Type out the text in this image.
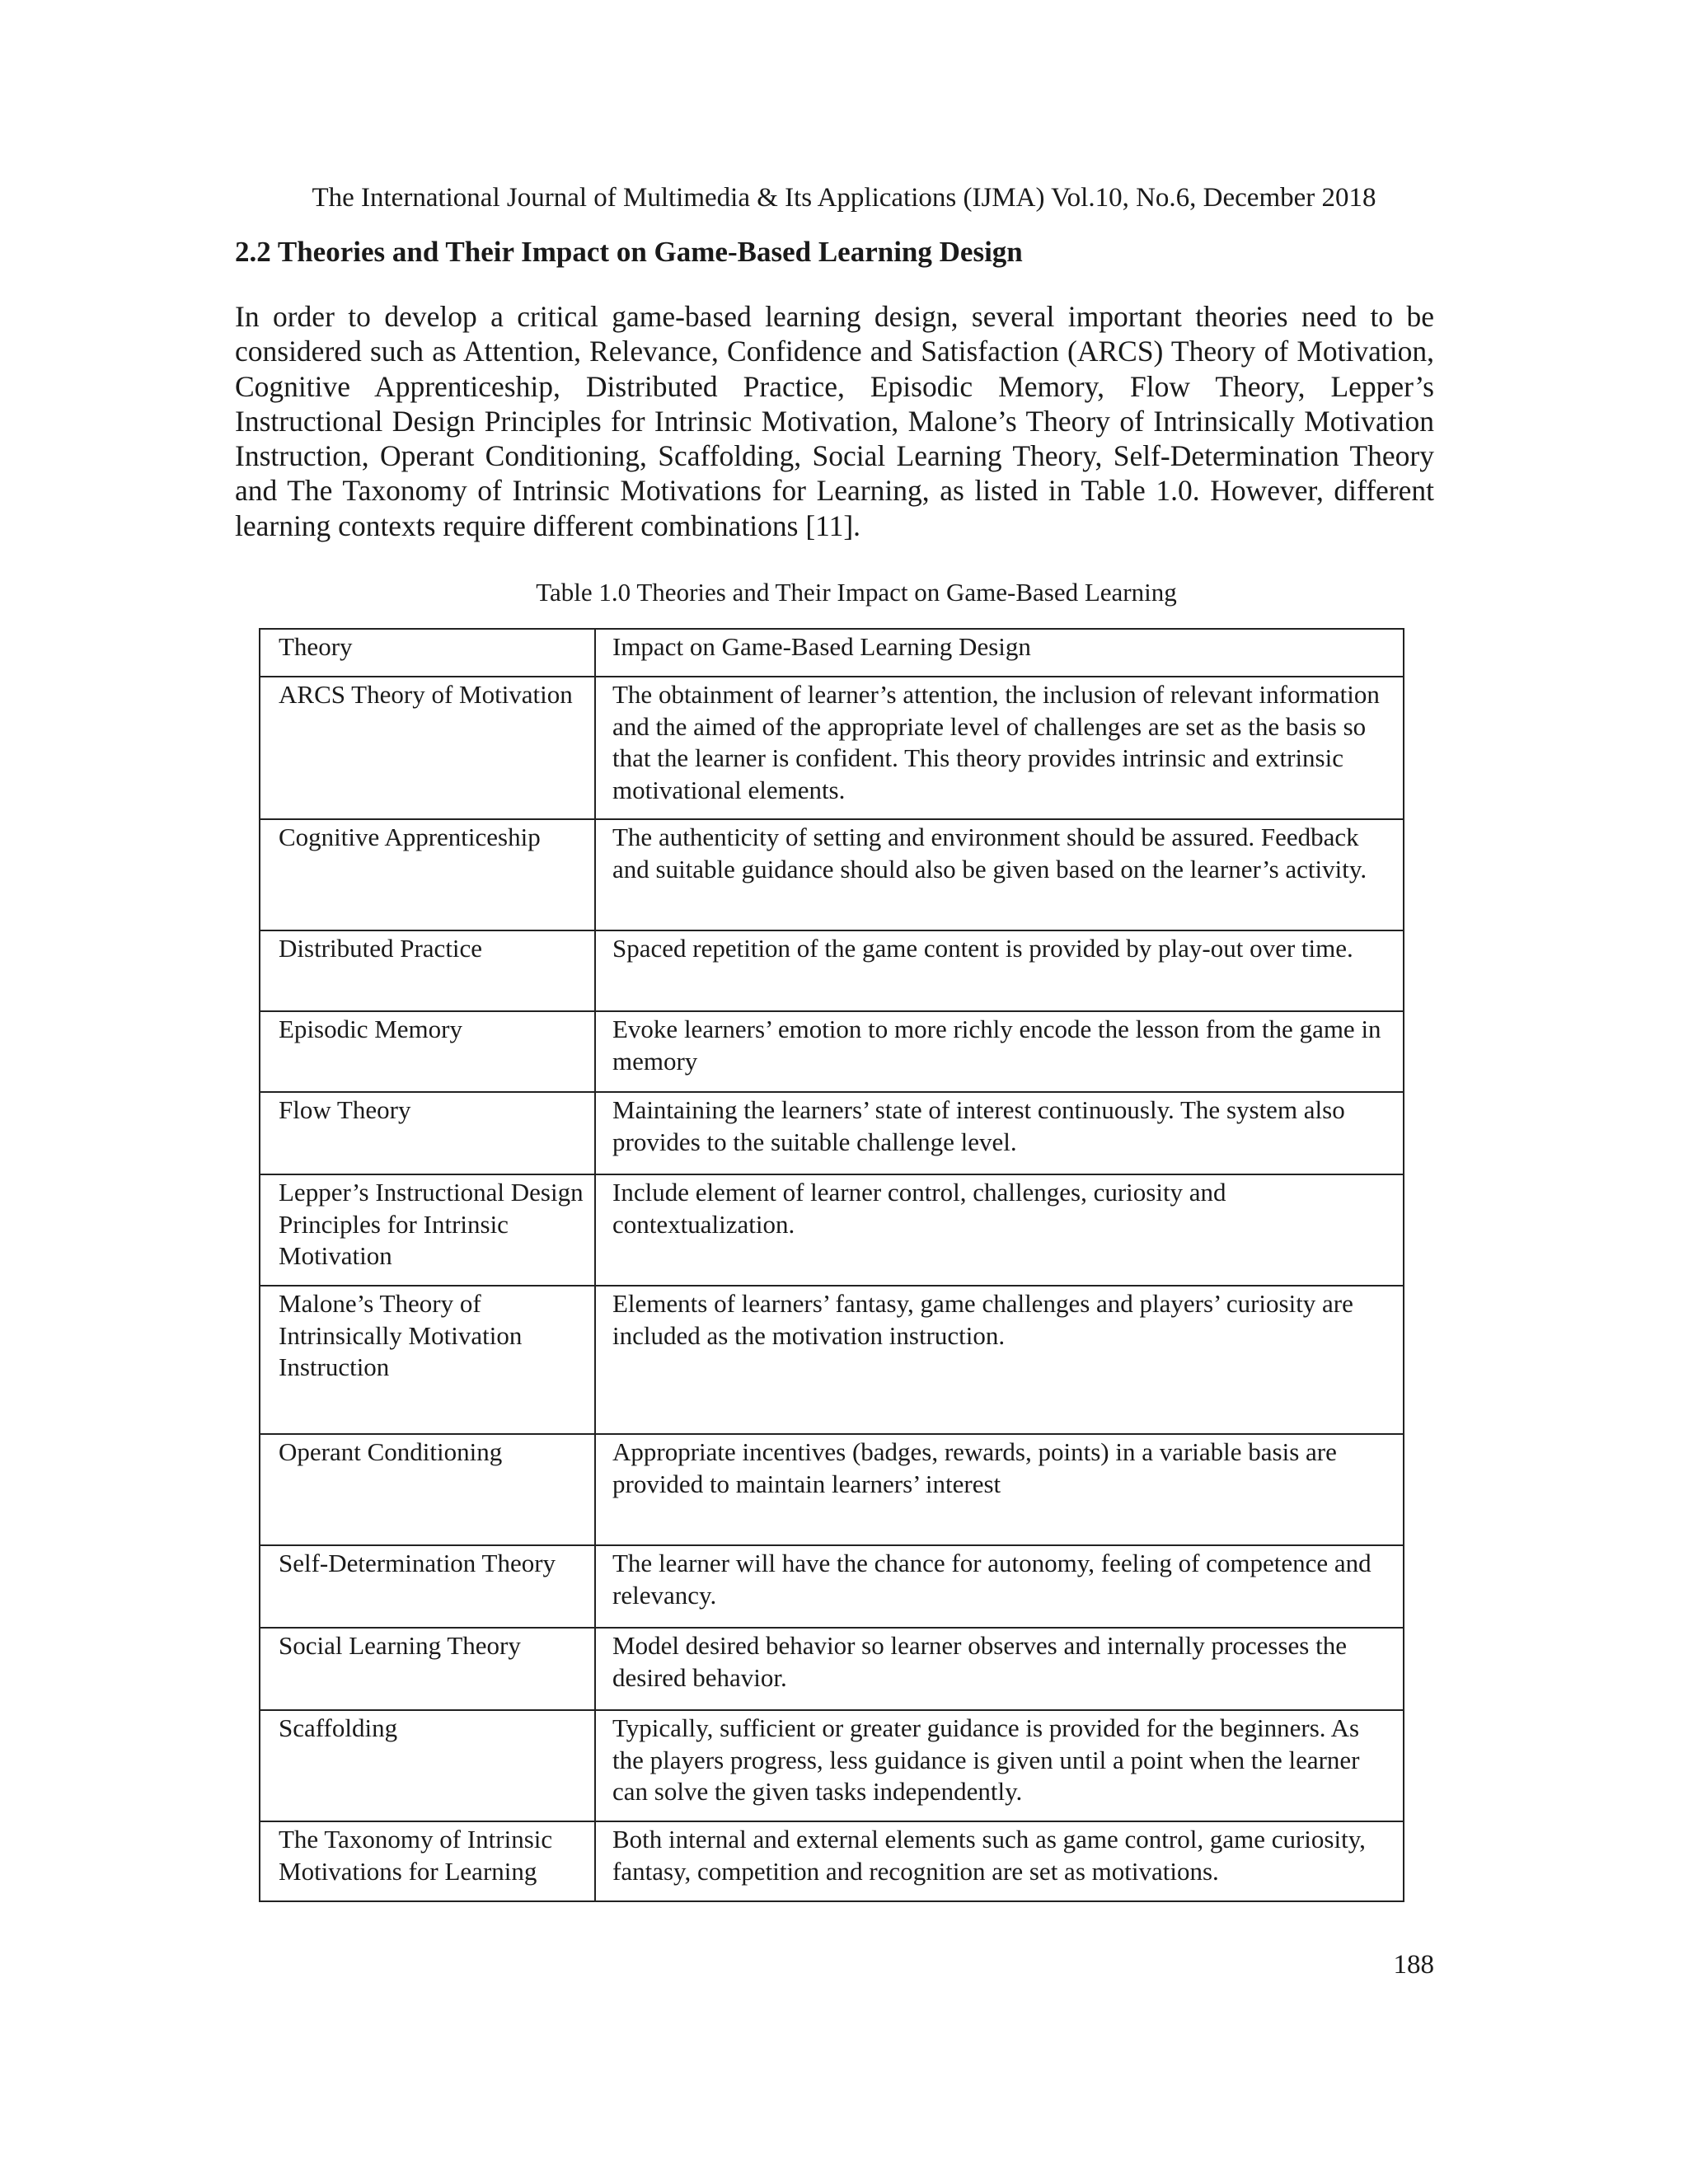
The International Journal of Multimedia & Its Applications (IJMA) Vol.10, No.6, December 2018
2.2 Theories and Their Impact on Game-Based Learning Design

In order to develop a critical game-based learning design, several important theories need to be considered such as Attention, Relevance, Confidence and Satisfaction (ARCS) Theory of Motivation, Cognitive Apprenticeship, Distributed Practice, Episodic Memory, Flow Theory, Lepper’s Instructional Design Principles for Intrinsic Motivation, Malone’s Theory of Intrinsically Motivation Instruction, Operant Conditioning, Scaffolding, Social Learning Theory, Self-Determination Theory and The Taxonomy of Intrinsic Motivations for Learning, as listed in Table 1.0. However, different learning contexts require different combinations [11].

Table 1.0 Theories and Their Impact on Game-Based Learning
Theory	Impact on Game-Based Learning Design
ARCS Theory of Motivation	The obtainment of learner’s attention, the inclusion of relevant information and the aimed of the appropriate level of challenges are set as the basis so that the learner is confident. This theory provides intrinsic and extrinsic motivational elements.
Cognitive Apprenticeship	The authenticity of setting and environment should be assured. Feedback and suitable guidance should also be given based on the learner’s activity.
Distributed Practice	Spaced repetition of the game content is provided by play-out over time.
Episodic Memory	Evoke learners’ emotion to more richly encode the lesson from the game in memory
Flow Theory	Maintaining the learners’ state of interest continuously. The system also provides to the suitable challenge level.
Lepper’s Instructional Design Principles for Intrinsic Motivation	Include element of learner control, challenges, curiosity and contextualization.
Malone’s Theory of Intrinsically Motivation Instruction	Elements of learners’ fantasy, game challenges and players’ curiosity are included as the motivation instruction.
Operant Conditioning	Appropriate incentives (badges, rewards, points) in a variable basis are provided to maintain learners’ interest
Self-Determination Theory	The learner will have the chance for autonomy, feeling of competence and relevancy.
Social Learning Theory	Model desired behavior so learner observes and internally processes the desired behavior.
Scaffolding	Typically, sufficient or greater guidance is provided for the beginners. As the players progress, less guidance is given until a point when the learner can solve the given tasks independently.
The Taxonomy of Intrinsic Motivations for Learning	Both internal and external elements such as game control, game curiosity, fantasy, competition and recognition are set as motivations.
188
